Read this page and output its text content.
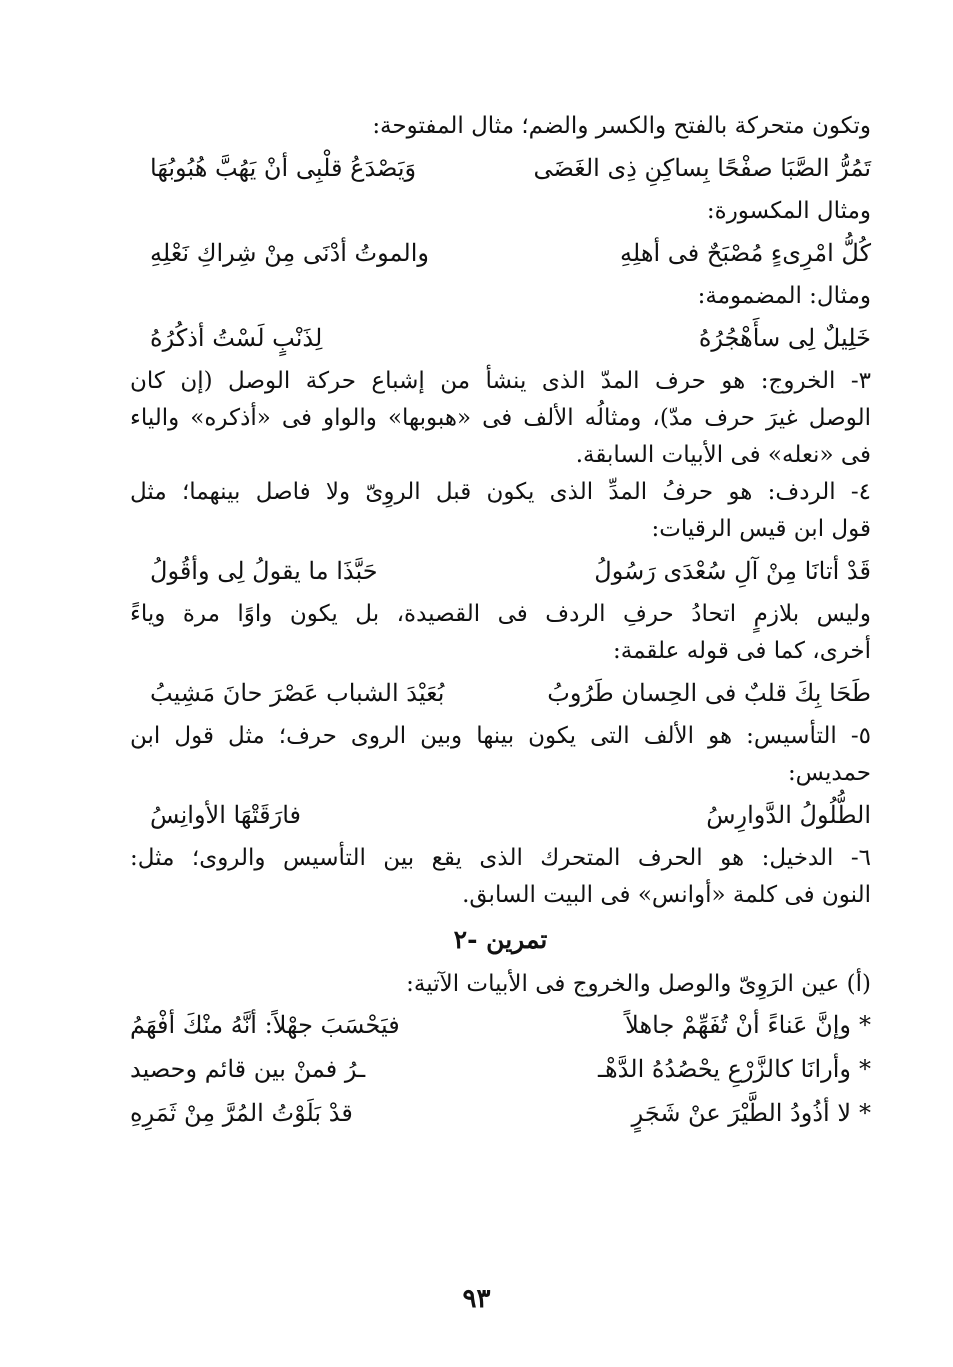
وتكون متحركة بالفتح والكسر والضم؛ مثال المفتوحة:

تَمُرُّ الصَّبَا صفْحًا بِساكِنِ ذِى الغَضَى
وَيَصْدَعُ قلْبِى أنْ يَهُبَّ هُبُوبُهَا

ومثال المكسورة:

كُلُّ امْرِىءٍ مُصْبَحٌ فى أهلِهِ
والموتُ أدْنَى مِنْ شِراكِ نَعْلِهِ

ومثال: المضمومة:

خَلِيلٌ لِى سأَهْجُرُهُ
لِذَنْبٍ لَسْتُ أذكُرُهُ

٣- الخروج: هو حرف المدّ الذى ينشأ من إشباع حركة الوصل (إن كان

الوصل غيرَ حرف مدّ)، ومثالُه الألف فى «هبوبها» والواو فى «أذكره» والياء

فى «نعله» فى الأبيات السابقة.

٤- الردف: هو حرفُ المدِّ الذى يكون قبل الروِىّ ولا فاصل بينهما؛ مثل

قول ابن قيس الرقيات:

قَدْ أتانَا مِنْ آلِ سُعْدَى رَسُولُ
حَبَّذَا ما يقولُ لِى وأقُولُ

وليس بلازمٍ اتحادُ حرفِ الردف فى القصيدة، بل يكون واوًا مرة وياءً

أخرى، كما فى قوله علقمة:

طَحَا بِكَ قلبٌ فى الحِسان طَرُوبُ
بُعَيْدَ الشباب عَصْرَ حانَ مَشِيبُ

٥- التأسيس: هو الألف التى يكون بينها وبين الروى حرف؛ مثل قول ابن

حمديس:

الطُّلُولُ الدَّوارِسُ
فارَقَتْهَا الأوانِسُ

٦- الدخيل: هو الحرف المتحرك الذى يقع بين التأسيس والروى؛ مثل:

النون فى كلمة «أوانس» فى البيت السابق.

تمرين -٢

(أ) عين الرَوِىّ والوصل والخروج فى الأبيات الآتية:

*وإنَّ عَناءً أنْ تُفَهِّمْ جاهلاً
فيَحْسَبَ جهْلاً: أنَّهُ منْكَ أفْهَمُ
*وأرانَا كالزَّرْعِ يحْصُدُهُ الدَّهْـ
ـرُ فمنْ بين قائم وحصيد
*لا أذُودُ الطَّيْرَ عنْ شَجَرٍ
قدْ بَلَوْتُ المُرَّ مِنْ ثَمَرِهِ
٩٣
